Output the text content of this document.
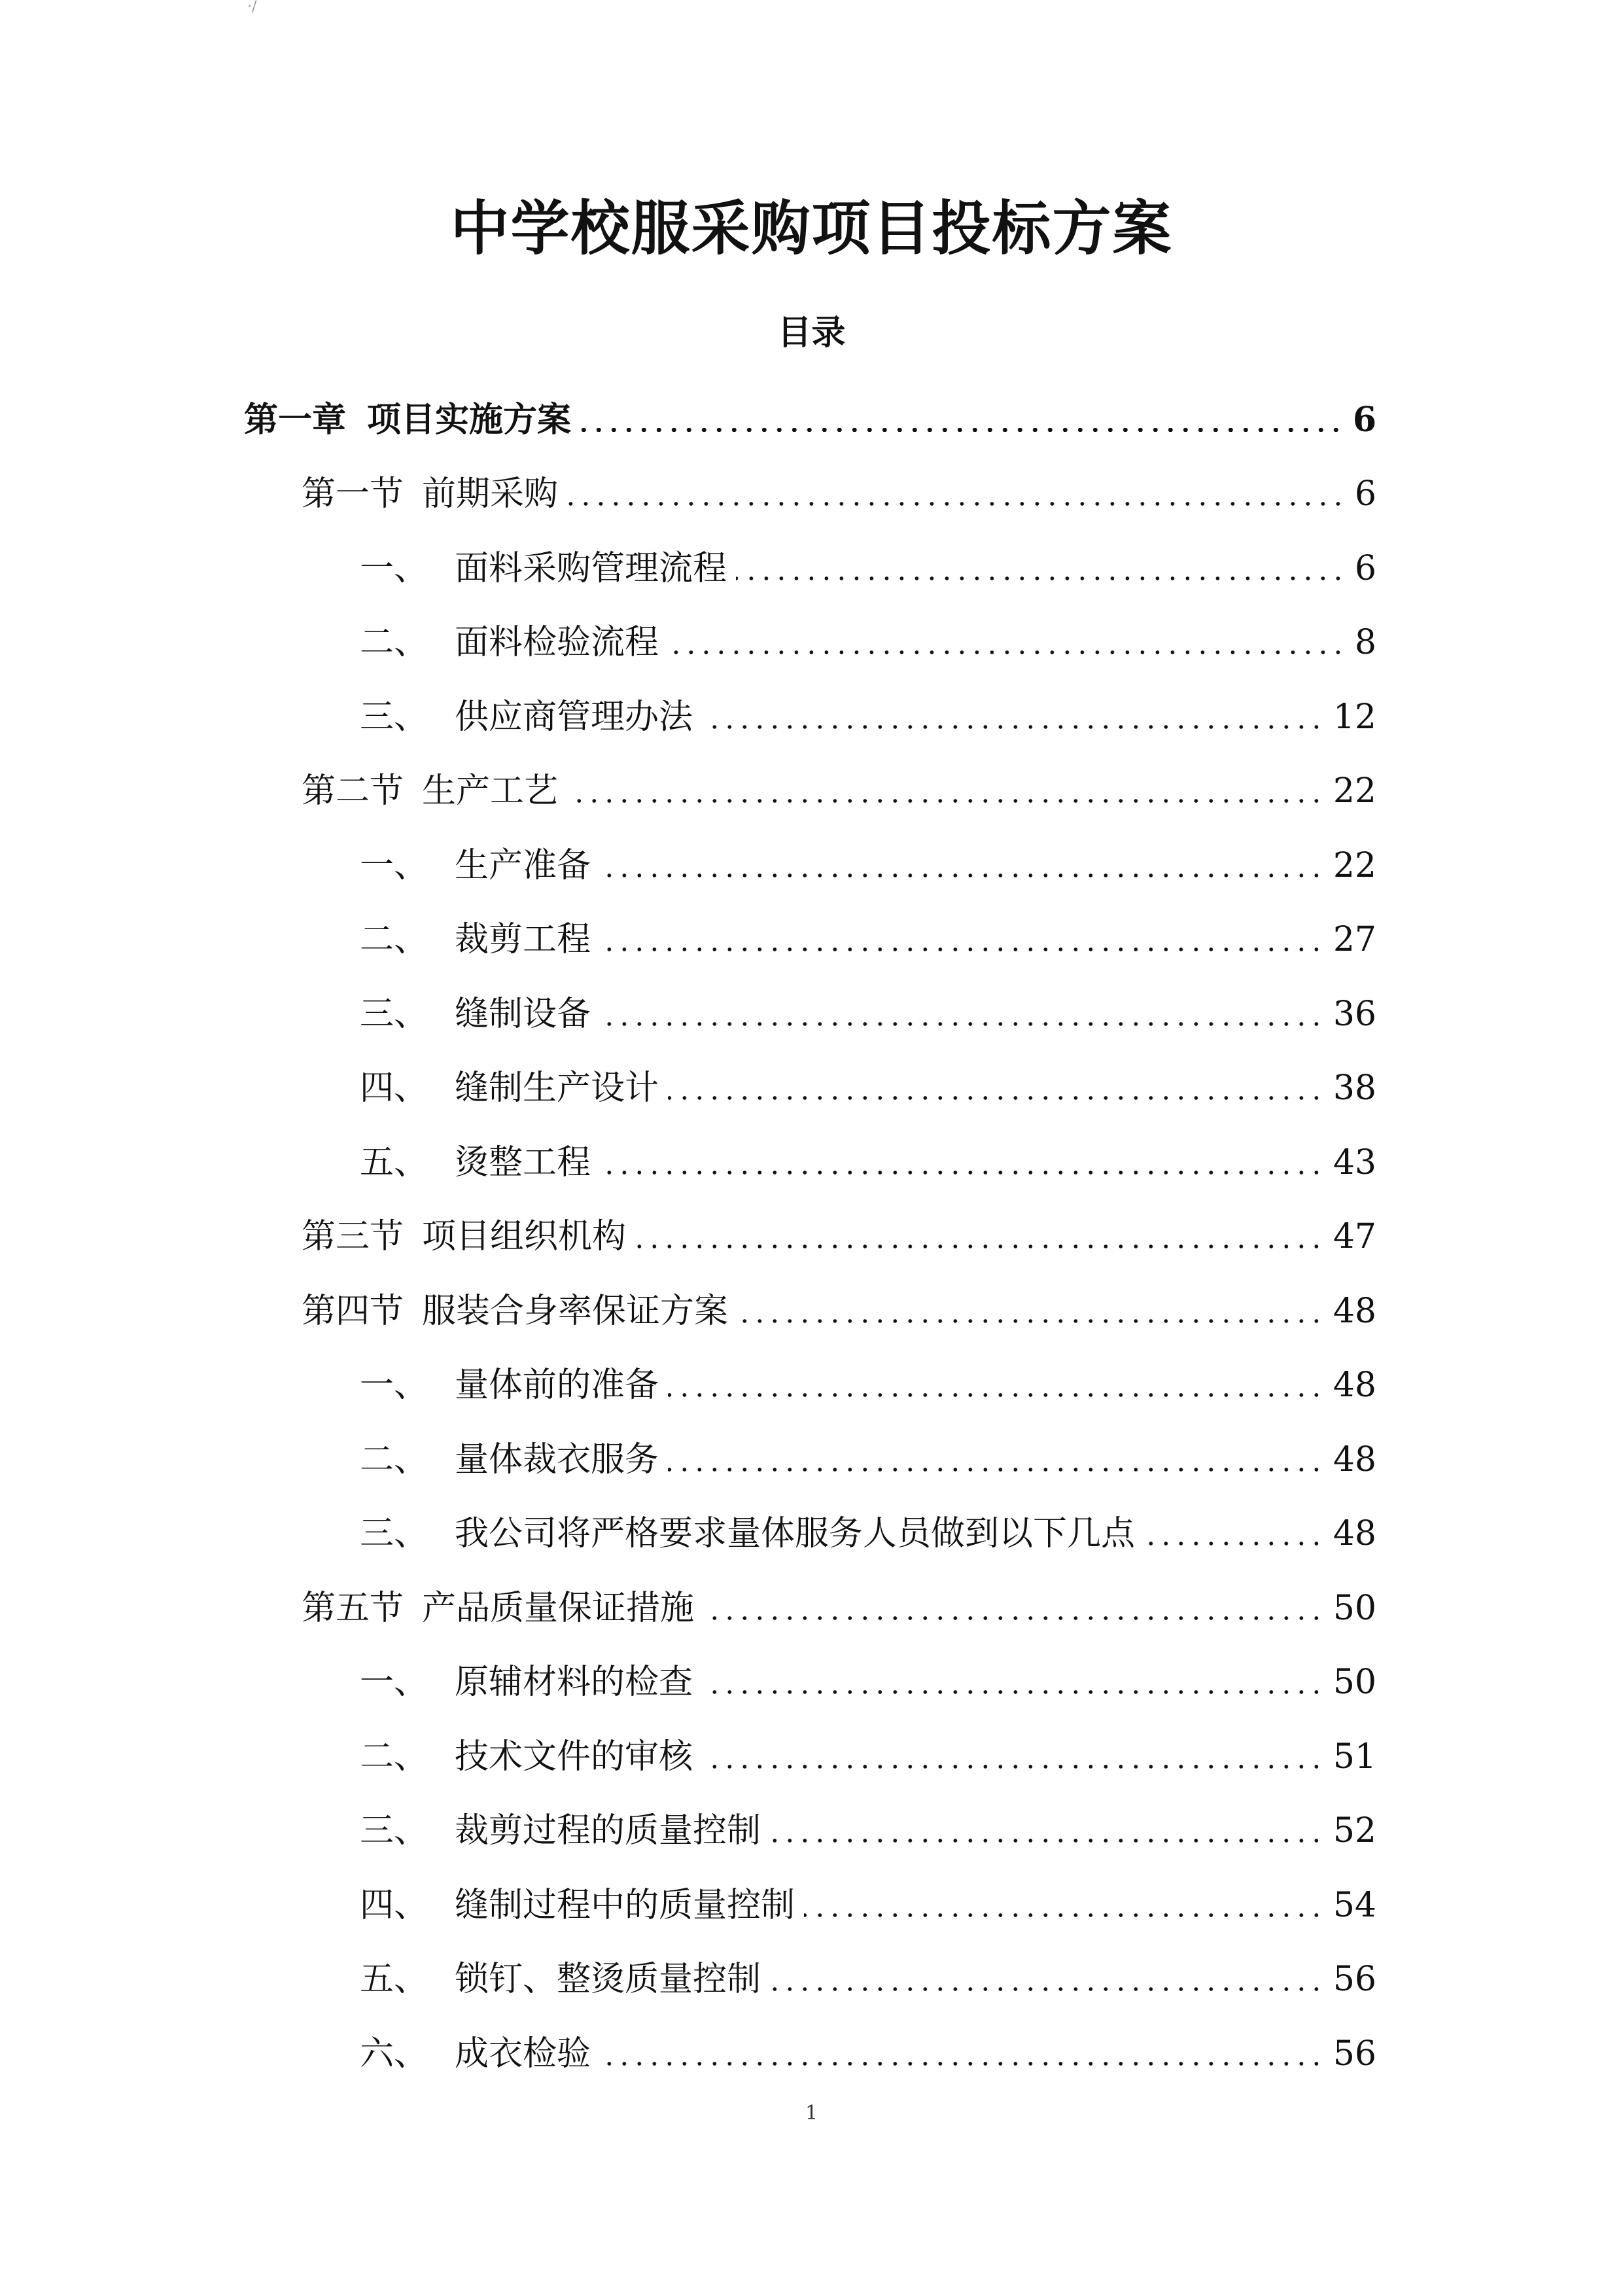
·/
中学校服采购项目投标方案
目录
第一章 项目实施方案	6
第一节 前期采购	6
一、 面料采购管理流程	6
二、 面料检验流程	8
三、 供应商管理办法	12
第二节 生产工艺	22
一、 生产准备	22
二、 裁剪工程	27
三、 缝制设备	36
四、 缝制生产设计	38
五、 烫整工程	43
第三节 项目组织机构	47
第四节 服装合身率保证方案	48
一、 量体前的准备	48
二、 量体裁衣服务	48
三、 我公司将严格要求量体服务人员做到以下几点	48
第五节 产品质量保证措施	50
一、 原辅材料的检查	50
二、 技术文件的审核	51
三、 裁剪过程的质量控制	52
四、 缝制过程中的质量控制	54
五、 锁钉、整烫质量控制	56
六、 成衣检验	56
1
